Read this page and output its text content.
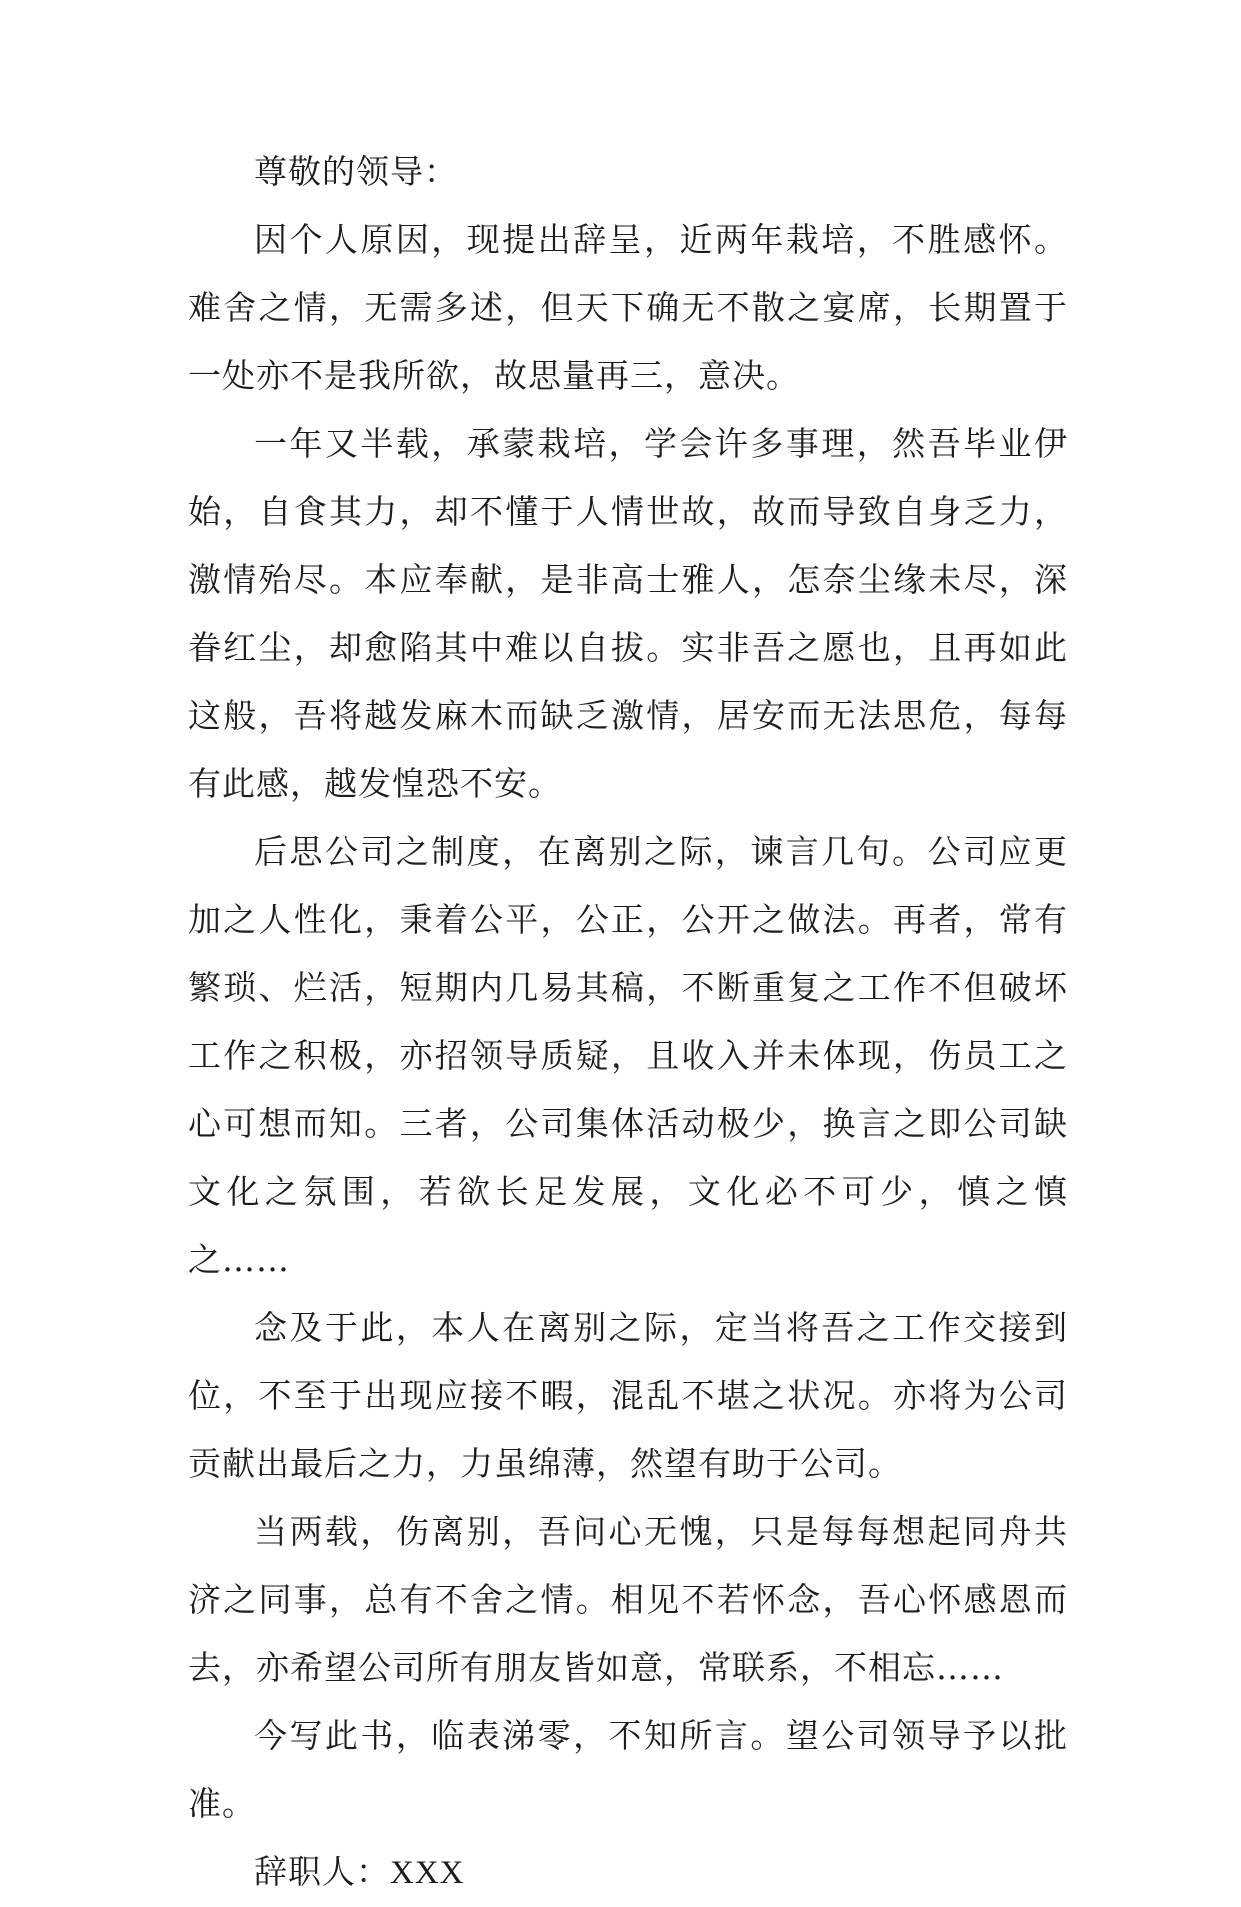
尊敬的领导：

因个人原因，现提出辞呈，近两年栽培，不胜感怀。难舍之情，无需多述，但天下确无不散之宴席，长期置于一处亦不是我所欲，故思量再三，意决。

一年又半载，承蒙栽培，学会许多事理，然吾毕业伊始，自食其力，却不懂于人情世故，故而导致自身乏力，激情殆尽。本应奉献，是非高士雅人，怎奈尘缘未尽，深眷红尘，却愈陷其中难以自拔。实非吾之愿也，且再如此这般，吾将越发麻木而缺乏激情，居安而无法思危，每每有此感，越发惶恐不安。

后思公司之制度，在离别之际，谏言几句。公司应更加之人性化，秉着公平，公正，公开之做法。再者，常有繁琐、烂活，短期内几易其稿，不断重复之工作不但破坏工作之积极，亦招领导质疑，且收入并未体现，伤员工之心可想而知。三者，公司集体活动极少，换言之即公司缺文化之氛围，若欲长足发展，文化必不可少，慎之慎之……

念及于此，本人在离别之际，定当将吾之工作交接到位，不至于出现应接不暇，混乱不堪之状况。亦将为公司贡献出最后之力，力虽绵薄，然望有助于公司。

当两载，伤离别，吾问心无愧，只是每每想起同舟共济之同事，总有不舍之情。相见不若怀念，吾心怀感恩而去，亦希望公司所有朋友皆如意，常联系，不相忘……

今写此书，临表涕零，不知所言。望公司领导予以批准。

辞职人：XXX
